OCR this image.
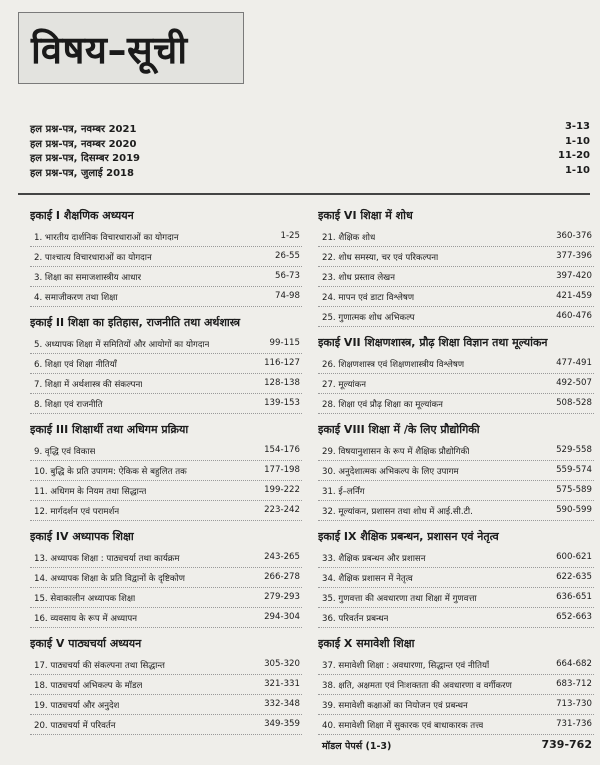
विषय–सूची
हल प्रश्न-पत्र, नवम्बर 2021	3-13
हल प्रश्न-पत्र, नवम्बर 2020	1-10
हल प्रश्न-पत्र, दिसम्बर 2019	11-20
हल प्रश्न-पत्र, जुलाई 2018	1-10
इकाई I शैक्षणिक अध्ययन
1. भारतीय दार्शनिक विचारधाराओं का योगदान	1-25
2. पाश्चात्य विचारधाराओं का योगदान	26-55
3. शिक्षा का समाजशास्त्रीय आधार	56-73
4. समाजीकरण तथा शिक्षा	74-98
इकाई II शिक्षा का इतिहास, राजनीति तथा अर्थशास्त्र
5. अध्यापक शिक्षा में समितियों और आयोगों का योगदान	99-115
6. शिक्षा एवं शिक्षा नीतियाँ	116-127
7. शिक्षा में अर्थशास्त्र की संकल्पना	128-138
8. शिक्षा एवं राजनीति	139-153
इकाई III शिक्षार्थी तथा अधिगम प्रक्रिया
9. वृद्धि एवं विकास	154-176
10. बुद्धि के प्रति उपागम: ऐकिक से बहुलित तक	177-198
11. अधिगम के नियम तथा सिद्धान्त	199-222
12. मार्गदर्शन एवं परामर्शन	223-242
इकाई IV अध्यापक शिक्षा
13. अध्यापक शिक्षा : पाठ्यचर्या तथा कार्यक्रम	243-265
14. अध्यापक शिक्षा के प्रति विद्वानों के दृष्टिकोण	266-278
15. सेवाकालीन अध्यापक शिक्षा	279-293
16. व्यवसाय के रूप में अध्यापन	294-304
इकाई V पाठ्यचर्या अध्ययन
17. पाठ्यचर्या की संकल्पना तथा सिद्धान्त	305-320
18. पाठ्यचर्या अभिकल्प के मॉडल	321-331
19. पाठ्यचर्या और अनुदेश	332-348
20. पाठ्यचर्या में परिवर्तन	349-359
इकाई VI शिक्षा में शोध
21. शैक्षिक शोध	360-376
22. शोध समस्या, चर एवं परिकल्पना	377-396
23. शोध प्रस्ताव लेखन	397-420
24. मापन एवं डाटा विश्लेषण	421-459
25. गुणात्मक शोध अभिकल्प	460-476
इकाई VII शिक्षणशास्त्र, प्रौढ़ शिक्षा विज्ञान तथा मूल्यांकन
26. शिक्षणशास्त्र एवं शिक्षणशास्त्रीय विश्लेषण	477-491
27. मूल्यांकन	492-507
28. शिक्षा एवं प्रौढ़ शिक्षा का मूल्यांकन	508-528
इकाई VIII शिक्षा में /के लिए प्रौद्योगिकी
29. विषयानुशासन के रूप में शैक्षिक प्रौद्योगिकी	529-558
30. अनुदेशात्मक अभिकल्प के लिए उपागम	559-574
31. ई–लर्निंग	575-589
32. मूल्यांकन, प्रशासन तथा शोध में आई.सी.टी.	590-599
इकाई IX शैक्षिक प्रबन्धन, प्रशासन एवं नेतृत्व
33. शैक्षिक प्रबन्धन और प्रशासन	600-621
34. शैक्षिक प्रशासन में नेतृत्व	622-635
35. गुणवत्ता की अवधारणा तथा शिक्षा में गुणवत्ता	636-651
36. परिवर्तन प्रबन्धन	652-663
इकाई X समावेशी शिक्षा
37. समावेशी शिक्षा : अवधारणा, सिद्धान्त एवं नीतियाँ	664-682
38. क्षति, अक्षमता एवं निःशक्तता की अवधारणा व वर्गीकरण	683-712
39. समावेशी कक्षाओं का नियोजन एवं प्रबन्धन	713-730
40. समावेशी शिक्षा में सुकारक एवं बाधाकारक तत्त्व	731-736
मॉडल पेपर्स (1-3)	739-762
